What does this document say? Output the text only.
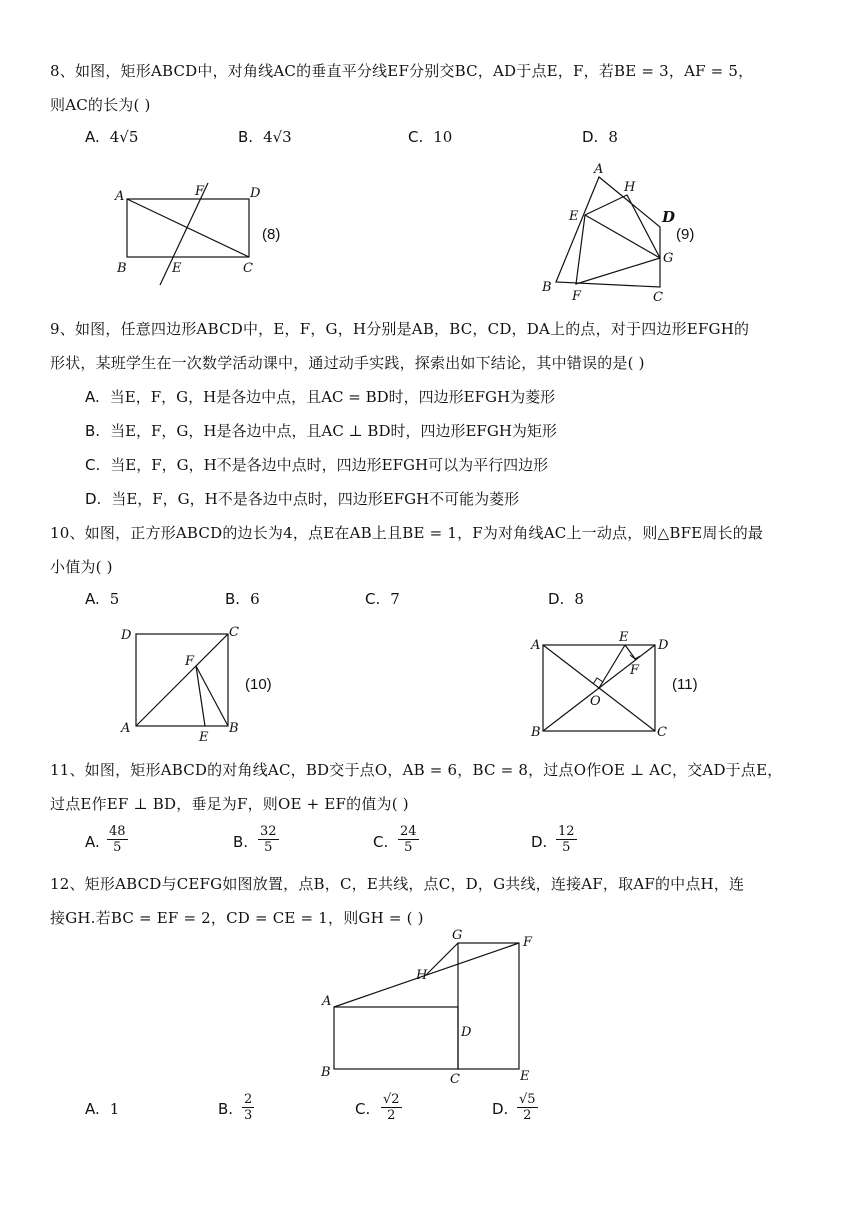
8、如图，矩形ABCD中，对角线AC的垂直平分线EF分别交BC，AD于点E，F，若BE = 3，AF = 5，
则AC的长为( )
A. 4√5	B. 4√3	C. 10	D. 8
A	F	D
B	E	C
(8)
A
H
D
E
G
B
F	C
(9)
9、如图，任意四边形ABCD中，E，F，G，H分别是AB，BC，CD，DA上的点，对于四边形EFGH的
形状，某班学生在一次数学活动课中，通过动手实践，探索出如下结论，其中错误的是( )
A. 当E，F，G，H是各边中点，且AC = BD时，四边形EFGH为菱形
B. 当E，F，G，H是各边中点，且AC ⊥ BD时，四边形EFGH为矩形
C. 当E，F，G，H不是各边中点时，四边形EFGH可以为平行四边形
D. 当E，F，G，H不是各边中点时，四边形EFGH不可能为菱形
10、如图，正方形ABCD的边长为4，点E在AB上且BE = 1，F为对角线AC上一动点，则△BFE周长的最
小值为( )
A. 5	B. 6	C. 7	D. 8
D	C
F
A
E
B
(10)
A
E
D
F
O
B	C
(11)
11、如图，矩形ABCD的对角线AC，BD交于点O，AB = 6，BC = 8，过点O作OE ⊥ AC，交AD于点E，
过点E作EF ⊥ BD，垂足为F，则OE + EF的值为( )
A. $\frac{48}{5}$	B. $\frac{32}{5}$	C. $\frac{24}{5}$	D. $\frac{12}{5}$
12、矩形ABCD与CEFG如图放置，点B，C，E共线，点C，D，G共线，连接AF，取AF的中点H，连
接GH.若BC = EF = 2，CD = CE = 1，则GH = ( )
G	F
H
A
D
B	C	E
A. 1	B. $\frac{2}{3}$	C. $\frac{√2}{2}$	D. $\frac{√5}{2}$
